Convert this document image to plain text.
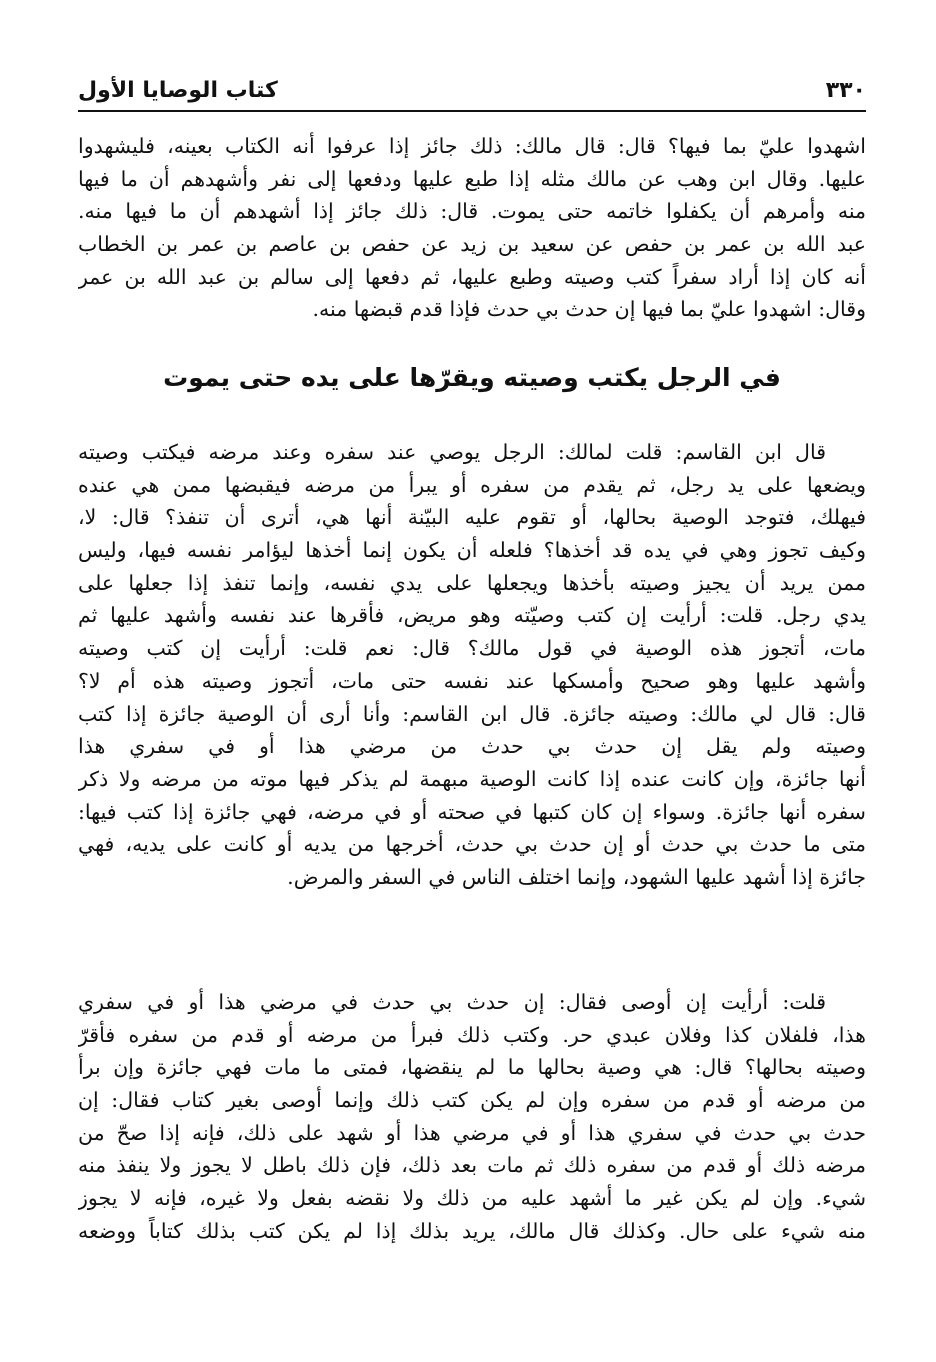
٣٣٠
كتاب الوصايا الأول
اشهدوا عليّ بما فيها؟ قال: قال مالك: ذلك جائز إذا عرفوا أنه الكتاب بعينه، فليشهدوا
عليها. وقال ابن وهب عن مالك مثله إذا طبع عليها ودفعها إلى نفر وأشهدهم أن ما فيها
منه وأمرهم أن يكفلوا خاتمه حتى يموت. قال: ذلك جائز إذا أشهدهم أن ما فيها منه.
عبد الله بن عمر بن حفص عن سعيد بن زيد عن حفص بن عاصم بن عمر بن الخطاب
أنه كان إذا أراد سفراً كتب وصيته وطبع عليها، ثم دفعها إلى سالم بن عبد الله بن عمر
وقال: اشهدوا عليّ بما فيها إن حدث بي حدث فإذا قدم قبضها منه.
في الرجل يكتب وصيته ويقرّها على يده حتى يموت
قال ابن القاسم: قلت لمالك: الرجل يوصي عند سفره وعند مرضه فيكتب وصيته
ويضعها على يد رجل، ثم يقدم من سفره أو يبرأ من مرضه فيقبضها ممن هي عنده
فيهلك، فتوجد الوصية بحالها، أو تقوم عليه البيّنة أنها هي، أترى أن تنفذ؟ قال: لا،
وكيف تجوز وهي في يده قد أخذها؟ فلعله أن يكون إنما أخذها ليؤامر نفسه فيها، وليس
ممن يريد أن يجيز وصيته بأخذها ويجعلها على يدي نفسه، وإنما تنفذ إذا جعلها على
يدي رجل. قلت: أرأيت إن كتب وصيّته وهو مريض، فأقرها عند نفسه وأشهد عليها ثم
مات، أتجوز هذه الوصية في قول مالك؟ قال: نعم قلت: أرأيت إن كتب وصيته
وأشهد عليها وهو صحيح وأمسكها عند نفسه حتى مات، أتجوز وصيته هذه أم لا؟
قال: قال لي مالك: وصيته جائزة. قال ابن القاسم: وأنا أرى أن الوصية جائزة إذا كتب
وصيته ولم يقل إن حدث بي حدث من مرضي هذا أو في سفري هذا
أنها جائزة، وإن كانت عنده إذا كانت الوصية مبهمة لم يذكر فيها موته من مرضه ولا ذكر
سفره أنها جائزة. وسواء إن كان كتبها في صحته أو في مرضه، فهي جائزة إذا كتب فيها:
متى ما حدث بي حدث أو إن حدث بي حدث، أخرجها من يديه أو كانت على يديه، فهي
جائزة إذا أشهد عليها الشهود، وإنما اختلف الناس في السفر والمرض.
قلت: أرأيت إن أوصى فقال: إن حدث بي حدث في مرضي هذا أو في سفري
هذا، فلفلان كذا وفلان عبدي حر. وكتب ذلك فبرأ من مرضه أو قدم من سفره فأقرّ
وصيته بحالها؟ قال: هي وصية بحالها ما لم ينقضها، فمتى ما مات فهي جائزة وإن برأ
من مرضه أو قدم من سفره وإن لم يكن كتب ذلك وإنما أوصى بغير كتاب فقال: إن
حدث بي حدث في سفري هذا أو في مرضي هذا أو شهد على ذلك، فإنه إذا صحّ من
مرضه ذلك أو قدم من سفره ذلك ثم مات بعد ذلك، فإن ذلك باطل لا يجوز ولا ينفذ منه
شيء. وإن لم يكن غير ما أشهد عليه من ذلك ولا نقضه بفعل ولا غيره، فإنه لا يجوز
منه شيء على حال. وكذلك قال مالك، يريد بذلك إذا لم يكن كتب بذلك كتاباً ووضعه
